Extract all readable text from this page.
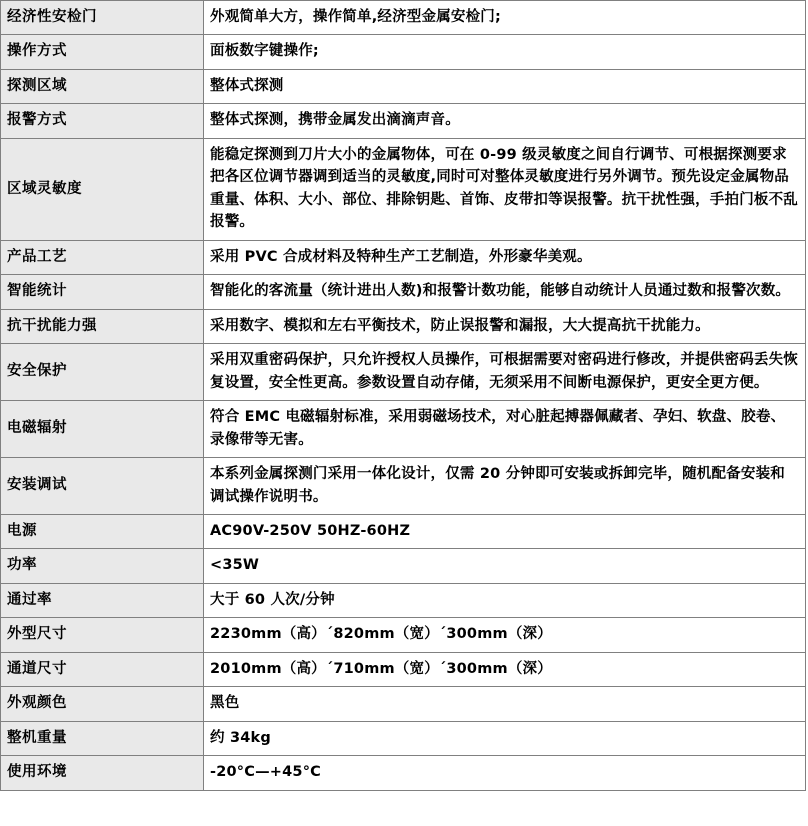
经济性安检门	外观简单大方，操作简单,经济型金属安检门;
操作方式	面板数字键操作;
探测区域	整体式探测
报警方式	整体式探测，携带金属发出滴滴声音。
区域灵敏度	能稳定探测到刀片大小的金属物体，可在 0-99 级灵敏度之间自行调节、可根据探测要求把各区位调节器调到适当的灵敏度,同时可对整体灵敏度进行另外调节。预先设定金属物品重量、体积、大小、部位、排除钥匙、首饰、皮带扣等误报警。抗干扰性强，手拍门板不乱报警。
产品工艺	采用 PVC 合成材料及特种生产工艺制造，外形豪华美观。
智能统计	智能化的客流量（统计进出人数)和报警计数功能，能够自动统计人员通过数和报警次数。
抗干扰能力强	采用数字、模拟和左右平衡技术，防止误报警和漏报，大大提高抗干扰能力。
安全保护	采用双重密码保护，只允许授权人员操作，可根据需要对密码进行修改，并提供密码丢失恢复设置，安全性更高。参数设置自动存储，无须采用不间断电源保护，更安全更方便。
电磁辐射	符合 EMC 电磁辐射标准，采用弱磁场技术，对心脏起搏器佩藏者、孕妇、软盘、胶卷、录像带等无害。
安装调试	本系列金属探测门采用一体化设计，仅需 20 分钟即可安装或拆卸完毕，随机配备安装和调试操作说明书。
电源	AC90V-250V 50HZ-60HZ
功率	<35W
通过率	大于 60 人次/分钟
外型尺寸	2230mm（高）´820mm（宽）´300mm（深）
通道尺寸	2010mm（高）´710mm（宽）´300mm（深）
外观颜色	黑色
整机重量	约 34kg
使用环境	-20°C—+45°C
